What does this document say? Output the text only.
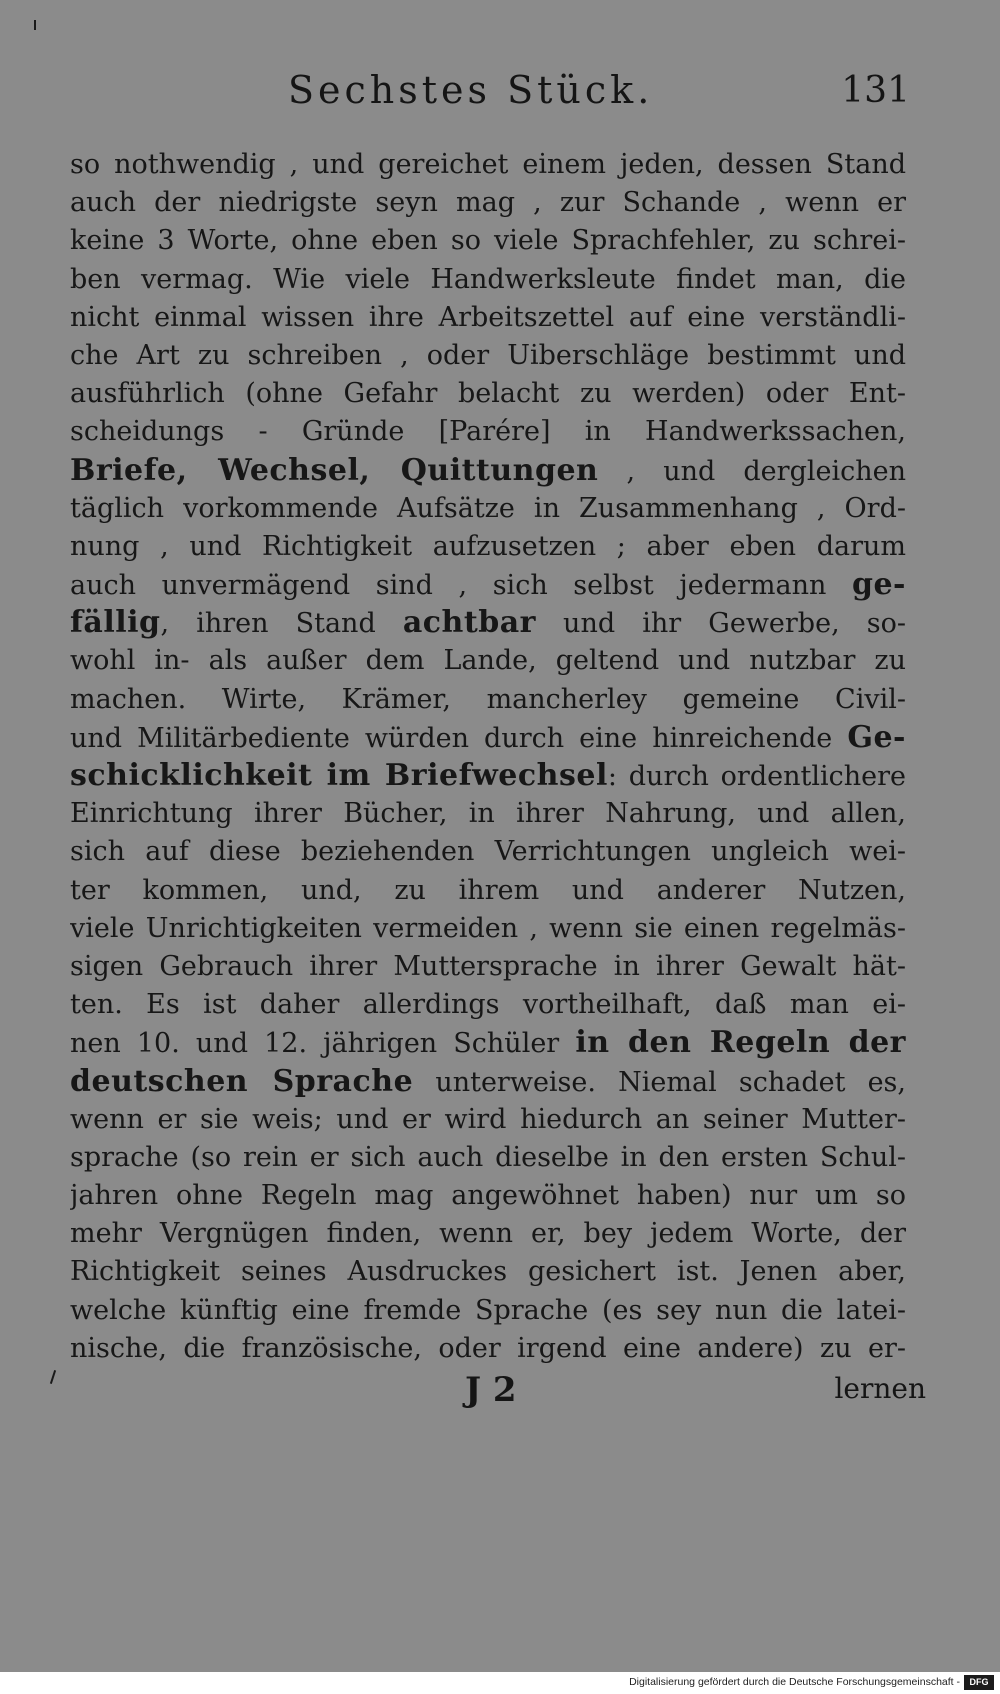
Sechstes Stück.	131
so nothwendig , und gereichet einem jeden, dessen Stand
auch der niedrigste seyn mag , zur Schande , wenn er
keine 3 Worte, ohne eben so viele Sprachfehler, zu schrei-
ben vermag. Wie viele Handwerksleute findet man, die
nicht einmal wissen ihre Arbeitszettel auf eine verständli-
che Art zu schreiben , oder Uiberschläge bestimmt und
ausführlich (ohne Gefahr belacht zu werden) oder Ent-
scheidungs - Gründe [Parére] in Handwerkssachen,
Briefe, Wechsel, Quittungen , und dergleichen
täglich vorkommende Aufsätze in Zusammenhang , Ord-
nung , und Richtigkeit aufzusetzen ; aber eben darum
auch unvermägend sind , sich selbst jedermann ge-
fällig, ihren Stand achtbar und ihr Gewerbe, so-
wohl in- als außer dem Lande, geltend und nutzbar zu
machen. Wirte, Krämer, mancherley gemeine Civil-
und Militärbediente würden durch eine hinreichende Ge-
schicklichkeit im Briefwechsel: durch ordentlichere
Einrichtung ihrer Bücher, in ihrer Nahrung, und allen,
sich auf diese beziehenden Verrichtungen ungleich wei-
ter kommen, und, zu ihrem und anderer Nutzen,
viele Unrichtigkeiten vermeiden , wenn sie einen regelmäs-
sigen Gebrauch ihrer Muttersprache in ihrer Gewalt hät-
ten. Es ist daher allerdings vortheilhaft, daß man ei-
nen 10. und 12. jährigen Schüler in den Regeln der
deutschen Sprache unterweise. Niemal schadet es,
wenn er sie weis; und er wird hiedurch an seiner Mutter-
sprache (so rein er sich auch dieselbe in den ersten Schul-
jahren ohne Regeln mag angewöhnet haben) nur um so
mehr Vergnügen finden, wenn er, bey jedem Worte, der
Richtigkeit seines Ausdruckes gesichert ist. Jenen aber,
welche künftig eine fremde Sprache (es sey nun die latei-
nische, die französische, oder irgend eine andere) zu er-
J 2	lernen
Digitalisierung gefördert durch die Deutsche Forschungsgemeinschaft -	DFG
